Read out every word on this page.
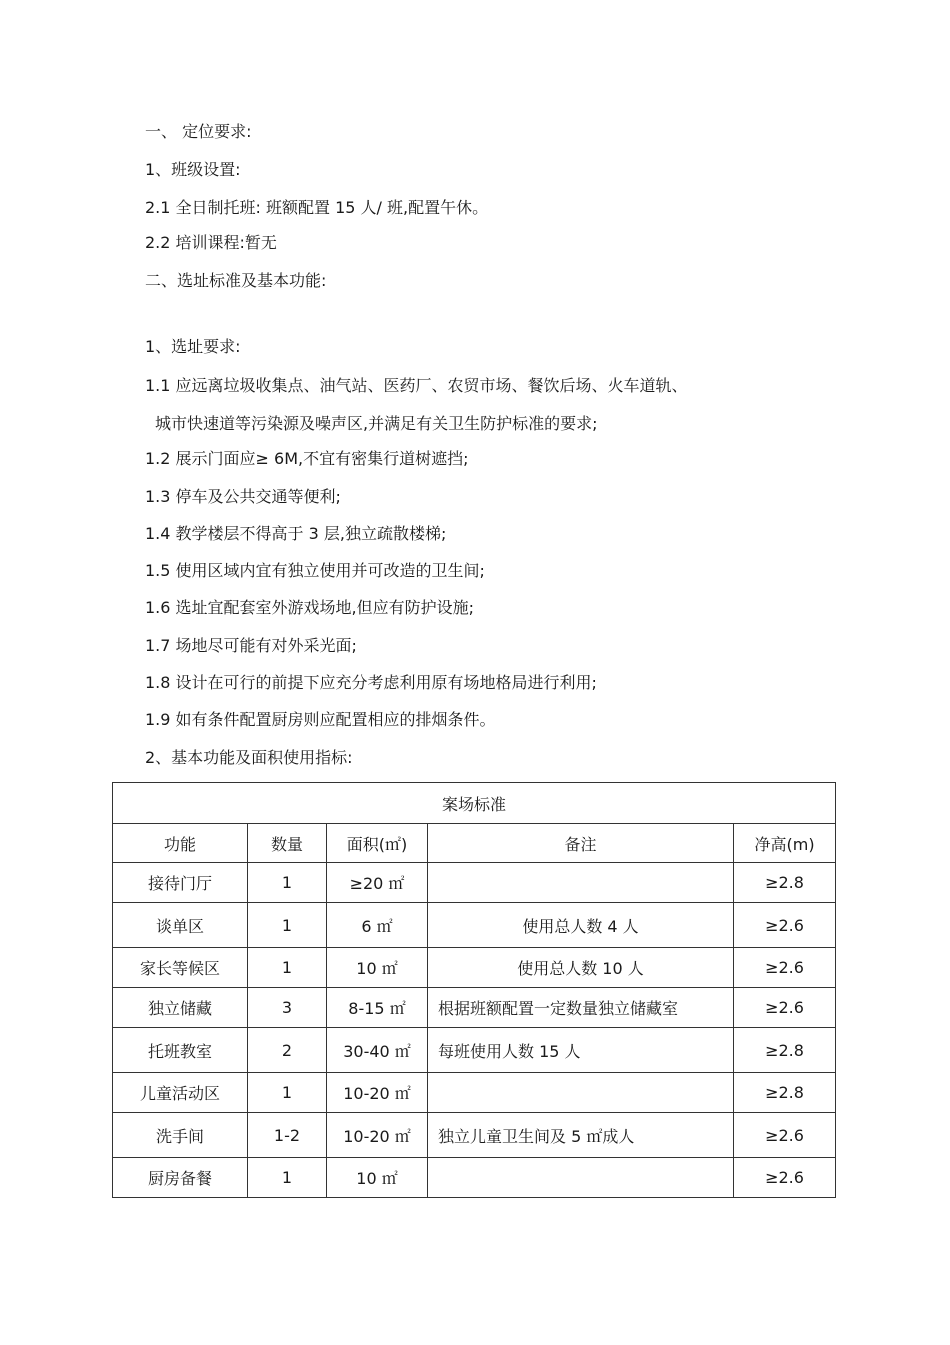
一、 定位要求:
1、班级设置:
2.1 全日制托班: 班额配置 15 人/ 班,配置午休。
2.2 培训课程:暂无
二、选址标准及基本功能:
1、选址要求:
1.1 应远离垃圾收集点、油气站、医药厂、农贸市场、餐饮后场、火车道轨、
城市快速道等污染源及噪声区,并满足有关卫生防护标准的要求;
1.2 展示门面应≥ 6M,不宜有密集行道树遮挡;
1.3 停车及公共交通等便利;
1.4 教学楼层不得高于 3 层,独立疏散楼梯;
1.5 使用区域内宜有独立使用并可改造的卫生间;
1.6 选址宜配套室外游戏场地,但应有防护设施;
1.7 场地尽可能有对外采光面;
1.8 设计在可行的前提下应充分考虑利用原有场地格局进行利用;
1.9 如有条件配置厨房则应配置相应的排烟条件。
2、基本功能及面积使用指标:
案场标准				
功能	数量	面积(㎡)	备注	净高(m)
接待门厅	1	≥20 ㎡		≥2.8
谈单区	1	6 ㎡	使用总人数 4 人	≥2.6
家长等候区	1	10 ㎡	使用总人数 10 人	≥2.6
独立储藏	3	8-15 ㎡	根据班额配置一定数量独立储藏室	≥2.6
托班教室	2	30-40 ㎡	每班使用人数 15 人	≥2.8
儿童活动区	1	10-20 ㎡		≥2.8
洗手间	1-2	10-20 ㎡	独立儿童卫生间及 5 ㎡成人	≥2.6
厨房备餐	1	10 ㎡		≥2.6
